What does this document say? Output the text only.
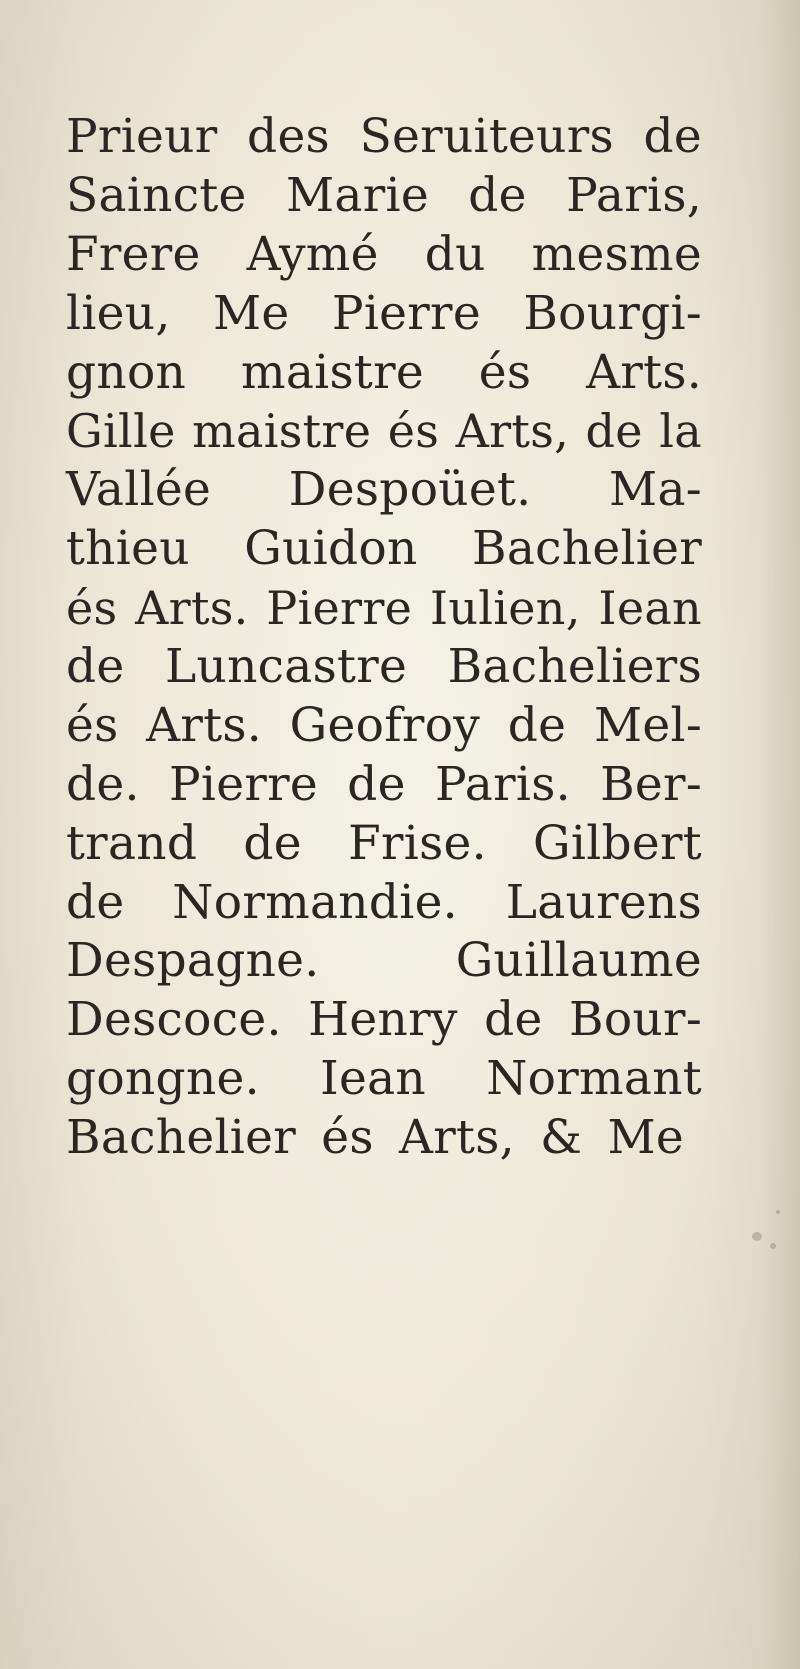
Prieur des Seruiteurs de
Saincte Marie de Paris,
Frere Aymé du mesme
lieu, Me Pierre Bourgi-
gnon maistre és Arts.
Gille maistre és Arts, de la
Vallée Despoüet. Ma-
thieu Guidon Bachelier
és Arts. Pierre Iulien, Iean
de Luncastre Bacheliers
és Arts. Geofroy de Mel-
de. Pierre de Paris. Ber-
trand de Frise. Gilbert
de Normandie. Laurens
Despagne. Guillaume
Descoce. Henry de Bour-
gongne. Iean Normant
Bachelier és Arts, & Me
